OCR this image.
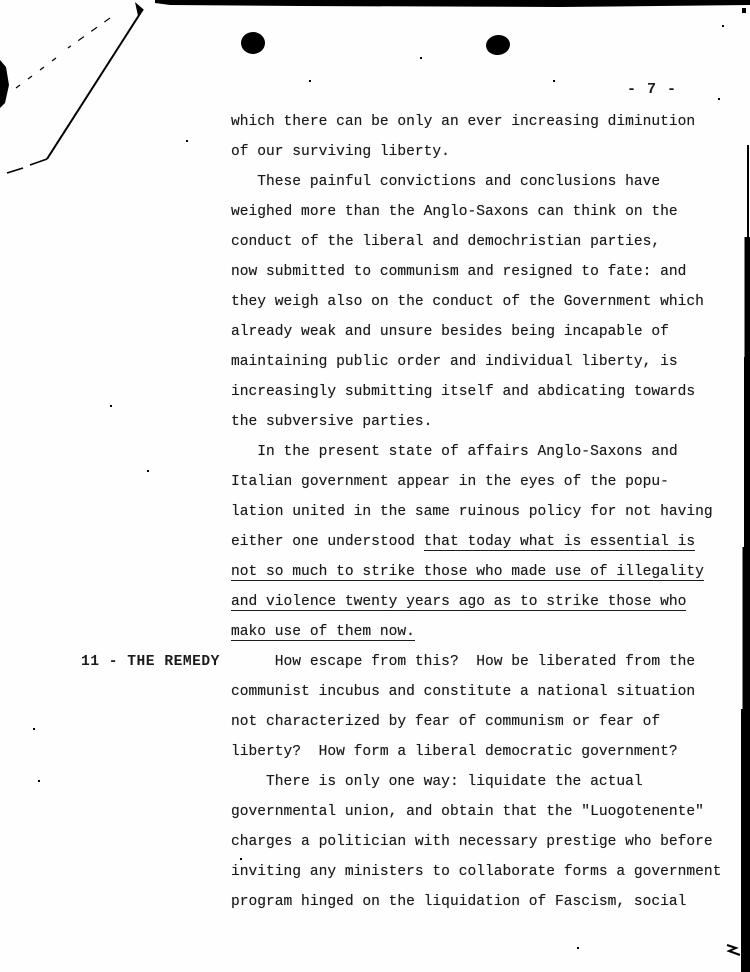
- 7 -
11 - THE REMEDY
which there can be only an ever increasing diminution
of our surviving liberty.
These painful convictions and conclusions have
weighed more than the Anglo-Saxons can think on the
conduct of the liberal and demochristian parties,
now submitted to communism and resigned to fate: and
they weigh also on the conduct of the Government which
already weak and unsure besides being incapable of
maintaining public order and individual liberty, is
increasingly submitting itself and abdicating towards
the subversive parties.
In the present state of affairs Anglo-Saxons and
Italian government appear in the eyes of the popu-
lation united in the same ruinous policy for not having
either one understood that today what is essential is
not so much to strike those who made use of illegality
and violence twenty years ago as to strike those who
mako use of them now.
How escape from this?  How be liberated from the
communist incubus and constitute a national situation
not characterized by fear of communism or fear of
liberty?  How form a liberal democratic government?
There is only one way: liquidate the actual
governmental union, and obtain that the "Luogotenente"
charges a politician with necessary prestige who before
inviting any ministers to collaborate forms a government
program hinged on the liquidation of Fascism, social
